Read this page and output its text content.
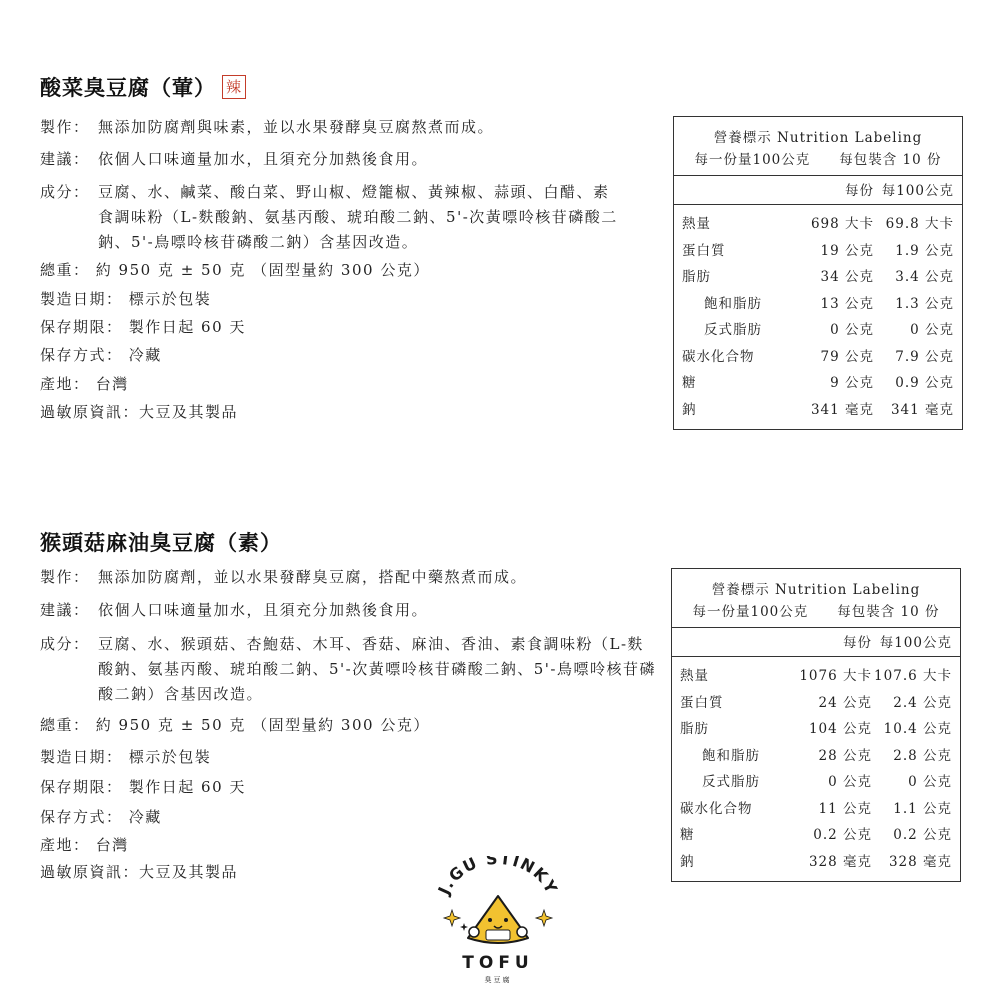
酸菜臭豆腐（葷） 辣
製作： 無添加防腐劑與味素，並以水果發酵臭豆腐熬煮而成。
建議： 依個人口味適量加水，且須充分加熱後食用。
成分： 豆腐、水、鹹菜、酸白菜、野山椒、燈籠椒、黃辣椒、蒜頭、白醋、素食調味粉（L-麩酸鈉、氨基丙酸、琥珀酸二鈉、5'-次黃嘌呤核苷磷酸二鈉、5'-鳥嘌呤核苷磷酸二鈉）含基因改造。
總重： 約 950 克 ± 50 克 （固型量約 300 公克）
製造日期： 標示於包裝
保存期限： 製作日起 60 天
保存方式： 冷藏
產地： 台灣
過敏原資訊：大豆及其製品
營養標示 Nutrition Labeling
每一份量100公克 每包裝含 10 份
每份 每100公克
熱量	698 大卡 69.8 大卡
蛋白質	19 公克	1.9 公克
脂肪	34 公克	3.4 公克
飽和脂肪	13 公克	1.3 公克
反式脂肪	0 公克	0 公克
碳水化合物	79 公克	7.9 公克
糖	9 公克	0.9 公克
鈉	341 毫克	341 毫克
猴頭菇麻油臭豆腐（素）
製作： 無添加防腐劑，並以水果發酵臭豆腐，搭配中藥熬煮而成。
建議： 依個人口味適量加水，且須充分加熱後食用。
成分： 豆腐、水、猴頭菇、杏鮑菇、木耳、香菇、麻油、香油、素食調味粉（L-麩酸鈉、氨基丙酸、琥珀酸二鈉、5'-次黃嘌呤核苷磷酸二鈉、5'-鳥嘌呤核苷磷酸二鈉）含基因改造。
總重： 約 950 克 ± 50 克 （固型量約 300 公克）
製造日期： 標示於包裝
保存期限： 製作日起 60 天
保存方式： 冷藏
產地： 台灣
過敏原資訊：大豆及其製品
營養標示 Nutrition Labeling
每一份量100公克 每包裝含 10 份
每份 每100公克
熱量	1076 大卡 107.6 大卡
蛋白質	24 公克	2.4 公克
脂肪	104 公克 10.4 公克
飽和脂肪	28 公克	2.8 公克
反式脂肪	0 公克	0 公克
碳水化合物	11 公克	1.1 公克
糖	0.2 公克	0.2 公克
鈉	328 毫克	328 毫克
J.GU STINKY
TOFU
臭豆腐
